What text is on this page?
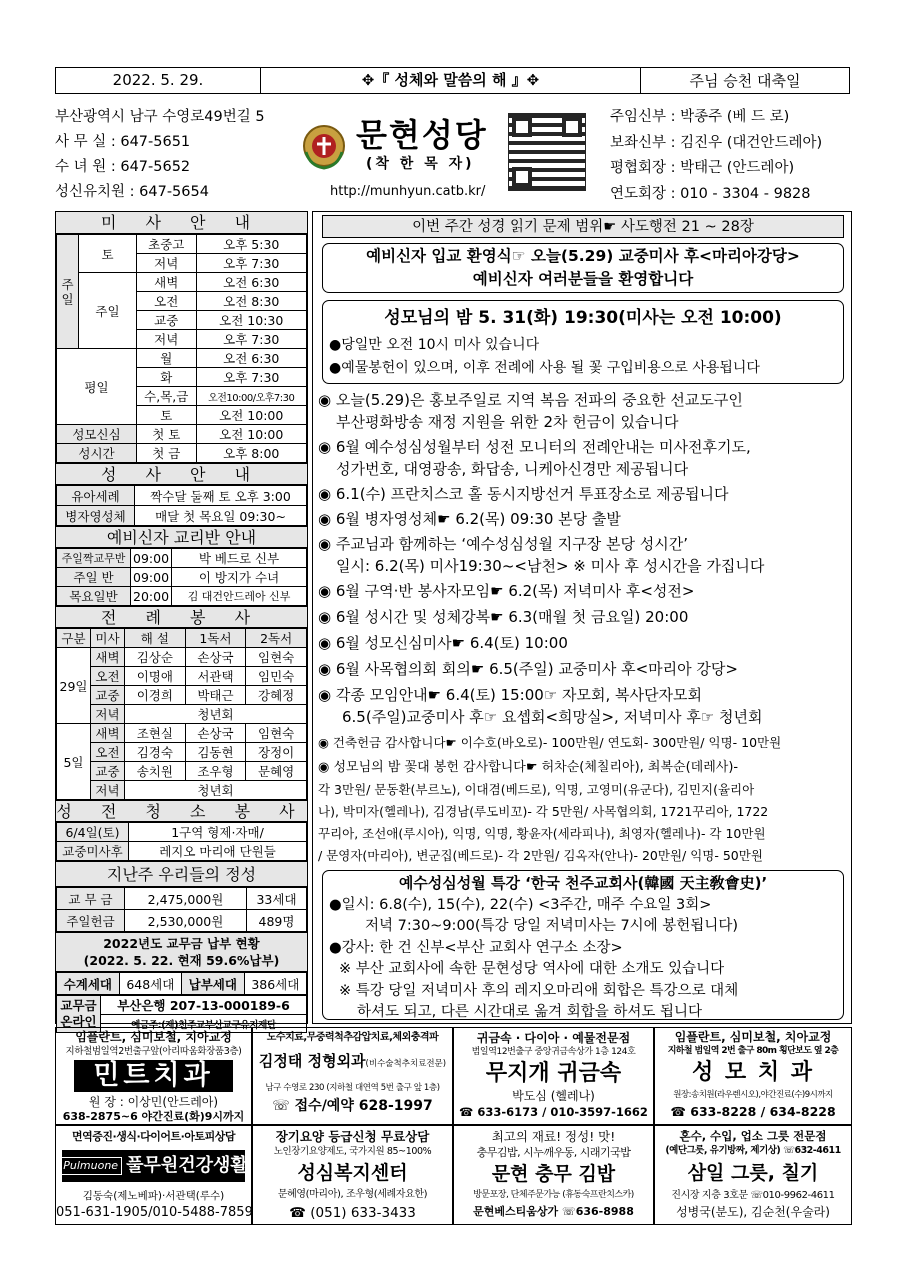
2022. 5. 29.	✥『 성체와 말씀의 해 』✥	주님 승천 대축일
부산광역시 남구 수영로49번길 5
사 무 실 : 647-5651
수 녀 원 : 647-5652
성신유치원 : 647-5654
문현성당
(착 한 목 자)
http://munhyun.catb.kr/
주임신부 : 박종주 (베 드 로)
보좌신부 : 김진우 (대건안드레아)
평협회장 : 박태근 (안드레아)
연도회장 : 010 - 3304 - 9828
미 사 안 내
주일	토	초중고	오후 5:30
		저녁	오후 7:30
	주일	새벽	오전 6:30
		오전	오전 8:30
		교중	오전 10:30
		저녁	오후 7:30
평일		월	오전 6:30
		화	오후 7:30
		수,목,금	오전10:00/오후7:30
		토	오전 10:00
성모신심		첫 토	오전 10:00
성시간		첫 금	오후 8:00
성 사 안 내
유아세례	짝수달 둘째 토 오후 3:00
병자영성체	매달 첫 목요일 09:30~
예비신자 교리반 안내
주일짝교무반	09:00	박 베드로 신부
주일 반	09:00	이 방지가 수녀
목요일반	20:00	김 대건안드레아 신부
전 례 봉 사
구분	미사	해 설	1독서	2독서
29일	새벽	김상순	손상국	임현숙
	오전	이명애	서관택	임민숙
	교중	이경희	박태근	강혜정
	저녁	청년회		
5일	새벽	조현실	손상국	임현숙
	오전	김경숙	김동현	장정이
	교중	송치원	조우형	문혜영
	저녁	청년회		
성 전 청 소 봉 사
6/4일(토)	1구역 형제·자매/
교중미사후	레지오 마리애 단원들
지난주 우리들의 정성
교 무 금	2,475,000원	33세대
주일헌금	2,530,000원	489명
2022년도 교무금 납부 현황
(2022. 5. 22. 현재 59.6%납부)
수계세대	648세대	납부세대	386세대
교무금
온라인	부산은행 207-13-000189-6
예금주:(재)천주교부산교구유지재단
이번 주간 성경 읽기 문제 범위☛ 사도행전 21 ~ 28장
예비신자 입교 환영식☞ 오늘(5.29) 교중미사 후<마리아강당>
예비신자 여러분들을 환영합니다
성모님의 밤 5. 31(화) 19:30(미사는 오전 10:00)
●당일만 오전 10시 미사 있습니다
●예물봉헌이 있으며, 이후 전례에 사용 될 꽃 구입비용으로 사용됩니다
◉ 오늘(5.29)은 홍보주일로 지역 복음 전파의 중요한 선교도구인
부산평화방송 재정 지원을 위한 2차 헌금이 있습니다
◉ 6월 예수성심성월부터 성전 모니터의 전례안내는 미사전후기도,
성가번호, 대영광송, 화답송, 니케아신경만 제공됩니다
◉ 6.1(수) 프란치스코 홀 동시지방선거 투표장소로 제공됩니다
◉ 6월 병자영성체☛ 6.2(목) 09:30 본당 출발
◉ 주교님과 함께하는 ‘예수성심성월 지구장 본당 성시간’
일시: 6.2(목) 미사19:30~<남천> ※ 미사 후 성시간을 가집니다
◉ 6월 구역·반 봉사자모임☛ 6.2(목) 저녁미사 후<성전>
◉ 6월 성시간 및 성체강복☛ 6.3(매월 첫 금요일) 20:00
◉ 6월 성모신심미사☛ 6.4(토) 10:00
◉ 6월 사목협의회 회의☛ 6.5(주일) 교중미사 후<마리아 강당>
◉ 각종 모임안내☛ 6.4(토) 15:00☞ 자모회, 복사단자모회
6.5(주일)교중미사 후☞ 요셉회<희망실>, 저녁미사 후☞ 청년회
◉ 건축헌금 감사합니다☛ 이수호(바오로)- 100만원/ 연도회- 300만원/ 익명- 10만원
◉ 성모님의 밤 꽃대 봉헌 감사합니다☛ 허차순(체칠리아), 최복순(데레사)-
각 3만원/ 문동환(부르노), 이대겸(베드로), 익명, 고영미(유군다), 김민지(율리아
나), 박미자(헬레나), 김경남(루도비꼬)- 각 5만원/ 사목협의회, 1721꾸리아, 1722
꾸리아, 조선애(루시아), 익명, 익명, 황윤자(세라피나), 최영자(헬레나)- 각 10만원
/ 문영자(마리아), 변군집(베드로)- 각 2만원/ 김옥자(안나)- 20만원/ 익명- 50만원
예수성심성월 특강 ‘한국 천주교회사(韓國 天主敎會史)’
●일시: 6.8(수), 15(수), 22(수) <3주간, 매주 수요일 3회>
저녁 7:30~9:00(특강 당일 저녁미사는 7시에 봉헌됩니다)
●강사: 한 건 신부<부산 교회사 연구소 소장>
※ 부산 교회사에 속한 문현성당 역사에 대한 소개도 있습니다
※ 특강 당일 저녁미사 후의 레지오마리애 회합은 특강으로 대체
하셔도 되고, 다른 시간대로 옮겨 회합을 하셔도 됩니다
임플란트, 심미보철, 치아교정
지하철범일역2번출구앞(아리따움화장품3층)
민트치과
원 장 : 이상민(안드레아)
638-2875~6 야간진료(화)9시까지
도수치료,무중력척추감압치료,체외충격파
김정태 정형외과(비수술척추치료전문)
남구 수영로 230 (지하철 대연역 5번 출구 앞 1층)
☏ 접수/예약 628-1997
귀금속 · 다이아 · 예물전문점
범일역12번출구 중앙귀금속상가 1층 124호
무지개 귀금속
박도심 (헬레나)
☎ 633-6173 / 010-3597-1662
임플란트, 심미보철, 치아교정
지하철 범일역 2번 출구 80m 횡단보도 옆 2층
성 모 치 과
원장:송치원(라우렌시오),야간진료(수)9시까지
☎ 633-8228 / 634-8228
면역증진·생식·다이어트·아토피상담
Pulmuone 풀무원건강생활
김동숙(제노베파)·서관택(루수)
051-631-1905/010-5488-7859
장기요양 등급신청 무료상담
노인장기요양제도, 국가지원 85~100%
성심복지센터
문혜영(마리아), 조우형(세례자요한)
☎ (051) 633-3433
최고의 재료! 정성! 맛!
충무김밥, 시누깨우동, 시래기국밥
문현 충무 김밥
방문포장, 단체주문가능 (휴동숙프란치스카)
문현베스티움상가 ☏636-8988
혼수, 수입, 업소 그릇 전문점
(예단그릇, 유기방짜, 제기상) ☏632-4611
삼일 그릇, 칠기
진시장 지층 3호문 ☏010-9962-4611
성병국(분도), 김순천(우술라)
